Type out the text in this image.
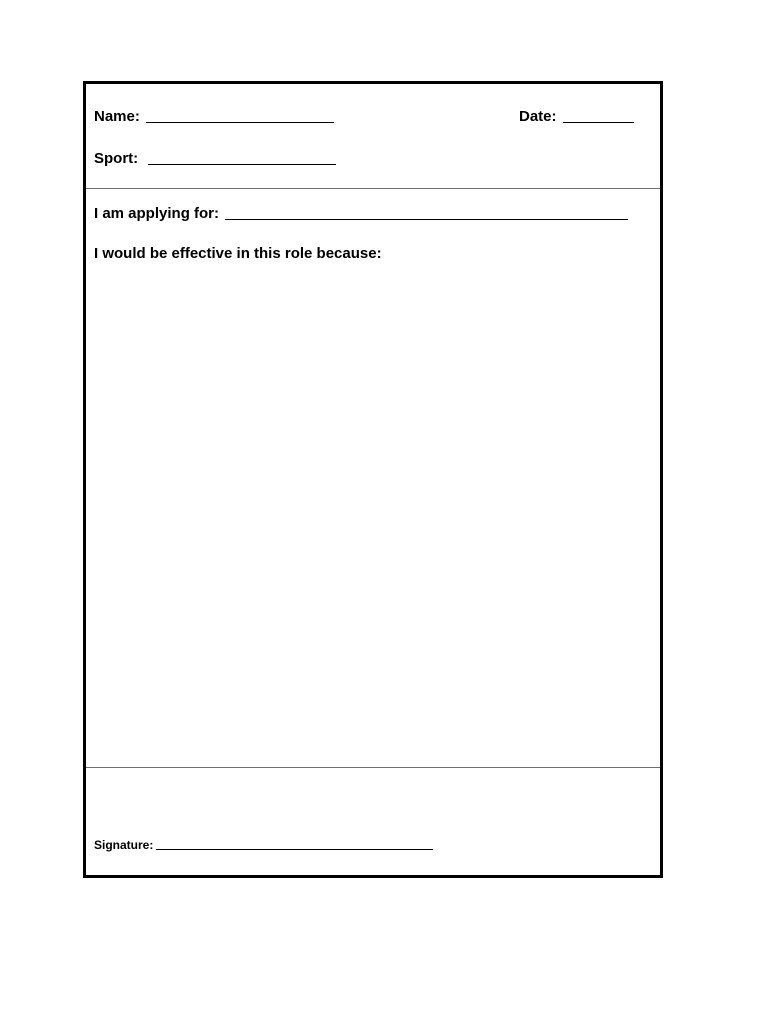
Name:	Date:
Sport:
I am applying for:
I would be effective in this role because:
Signature:
